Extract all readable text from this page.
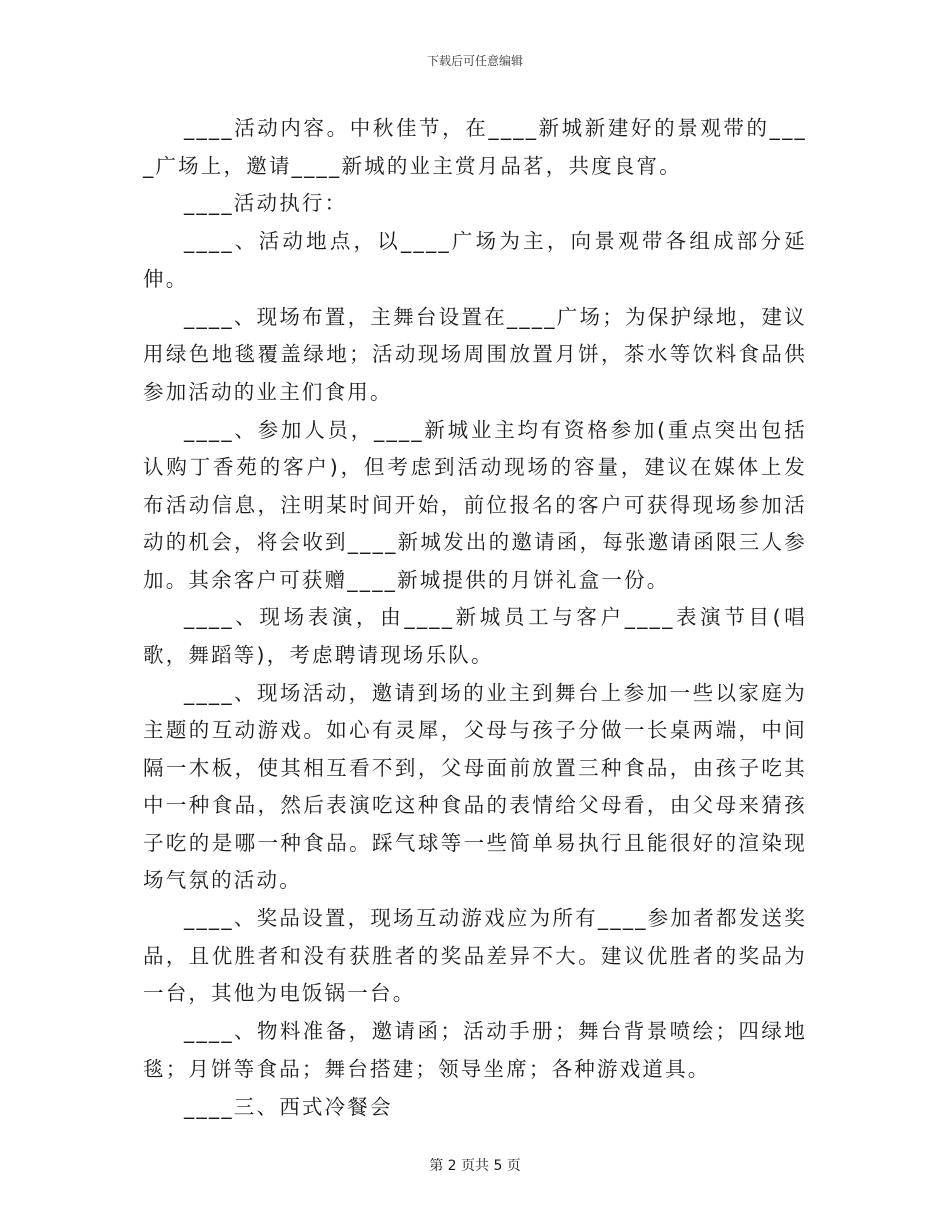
下载后可任意编辑

____活动内容。中秋佳节，在____新城新建好的景观带的____广场上，邀请____新城的业主赏月品茗，共度良宵。

____活动执行：

____、活动地点，以____广场为主，向景观带各组成部分延伸。

____、现场布置，主舞台设置在____广场；为保护绿地，建议用绿色地毯覆盖绿地；活动现场周围放置月饼，茶水等饮料食品供参加活动的业主们食用。

____、参加人员，____新城业主均有资格参加(重点突出包括认购丁香苑的客户)，但考虑到活动现场的容量，建议在媒体上发布活动信息，注明某时间开始，前位报名的客户可获得现场参加活动的机会，将会收到____新城发出的邀请函，每张邀请函限三人参加。其余客户可获赠____新城提供的月饼礼盒一份。

____、现场表演，由____新城员工与客户____表演节目(唱歌，舞蹈等)，考虑聘请现场乐队。

____、现场活动，邀请到场的业主到舞台上参加一些以家庭为主题的互动游戏。如心有灵犀，父母与孩子分做一长桌两端，中间隔一木板，使其相互看不到，父母面前放置三种食品，由孩子吃其中一种食品，然后表演吃这种食品的表情给父母看，由父母来猜孩子吃的是哪一种食品。踩气球等一些简单易执行且能很好的渲染现场气氛的活动。

____、奖品设置，现场互动游戏应为所有____参加者都发送奖品，且优胜者和没有获胜者的奖品差异不大。建议优胜者的奖品为一台，其他为电饭锅一台。

____、物料准备，邀请函；活动手册；舞台背景喷绘；四绿地毯；月饼等食品；舞台搭建；领导坐席；各种游戏道具。

____三、西式冷餐会

第 2 页共 5 页
